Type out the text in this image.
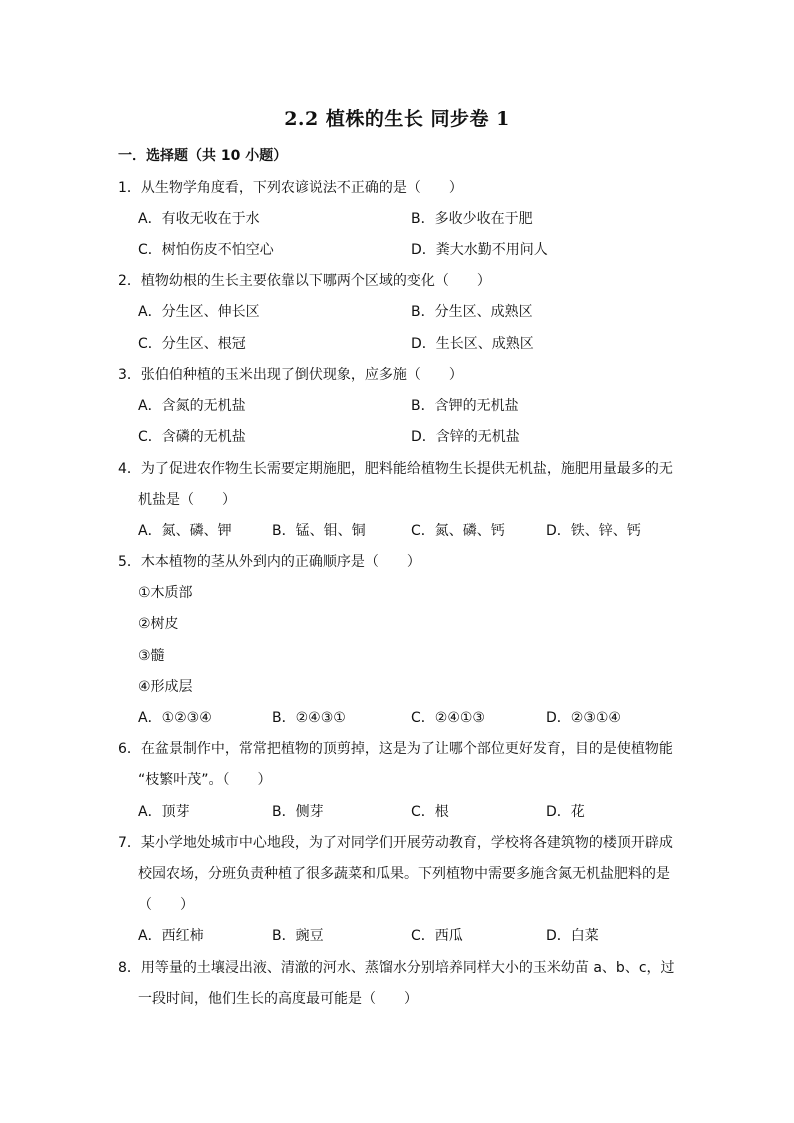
2.2 植株的生长 同步卷 1
一．选择题（共 10 小题）
1．从生物学角度看，下列农谚说法不正确的是（　　）
A．有收无收在于水	B．多收少收在于肥
C．树怕伤皮不怕空心	D．粪大水勤不用问人
2．植物幼根的生长主要依靠以下哪两个区域的变化（　　）
A．分生区、伸长区	B．分生区、成熟区
C．分生区、根冠	D．生长区、成熟区
3．张伯伯种植的玉米出现了倒伏现象，应多施（　　）
A．含氮的无机盐	B．含钾的无机盐
C．含磷的无机盐	D．含锌的无机盐
4．为了促进农作物生长需要定期施肥，肥料能给植物生长提供无机盐，施肥用量最多的无
机盐是（　　）
A．氮、磷、钾	B．锰、钼、铜	C．氮、磷、钙	D．铁、锌、钙
5．木本植物的茎从外到内的正确顺序是（　　）
①木质部
②树皮
③髓
④形成层
A．①②③④	B．②④③①	C．②④①③	D．②③①④
6．在盆景制作中，常常把植物的顶剪掉，这是为了让哪个部位更好发育，目的是使植物能
“枝繁叶茂”。（　　）
A．顶芽	B．侧芽	C．根	D．花
7．某小学地处城市中心地段，为了对同学们开展劳动教育，学校将各建筑物的楼顶开辟成
校园农场，分班负责种植了很多蔬菜和瓜果。下列植物中需要多施含氮无机盐肥料的是
（　　）
A．西红柿	B．豌豆	C．西瓜	D．白菜
8．用等量的土壤浸出液、清澈的河水、蒸馏水分别培养同样大小的玉米幼苗 a、b、c，过
一段时间，他们生长的高度最可能是（　　）
